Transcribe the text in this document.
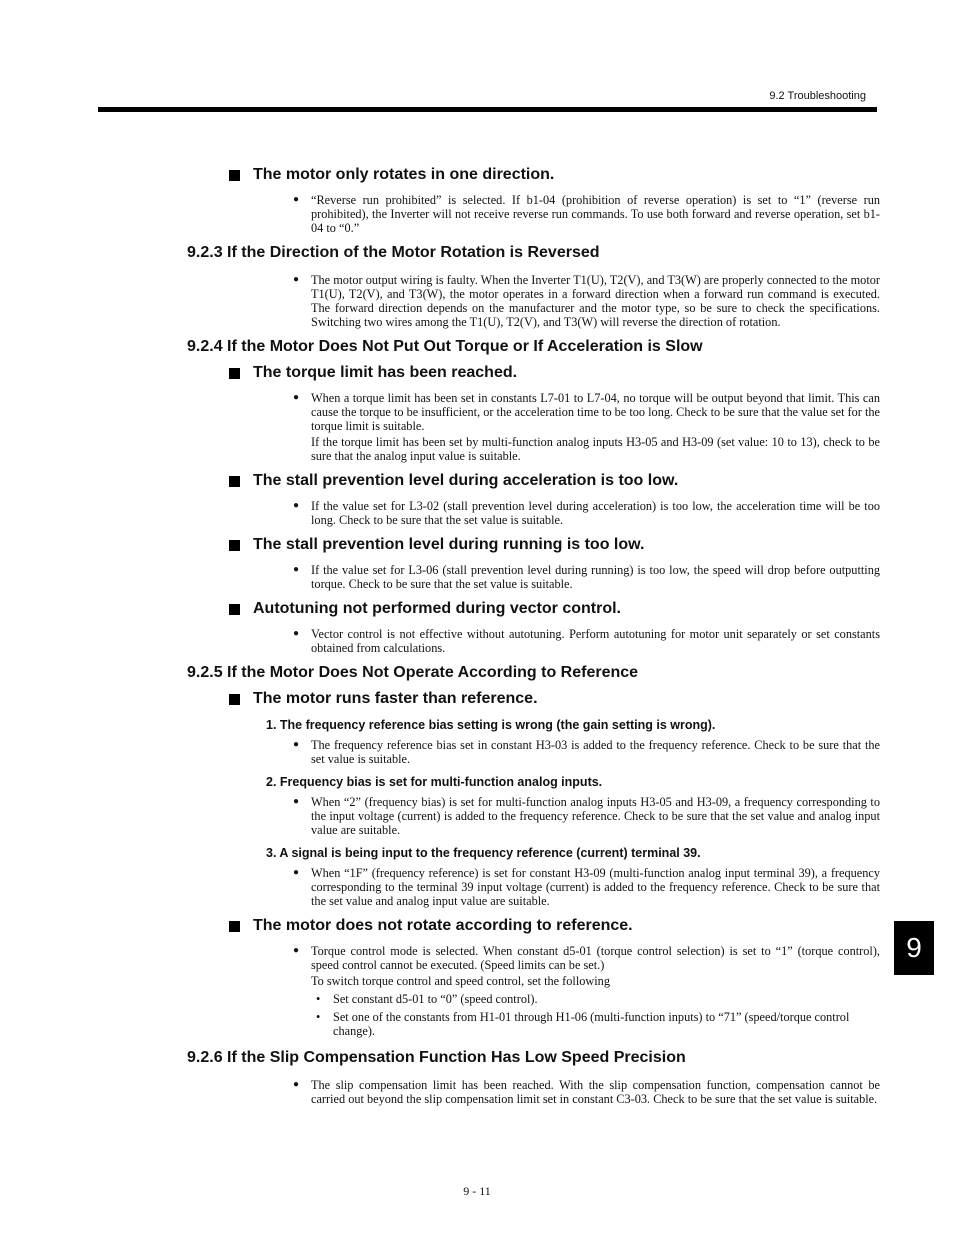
9.2 Troubleshooting
9
The motor only rotates in one direction.
● “Reverse run prohibited” is selected. If b1-04 (prohibition of reverse operation) is set to “1” (reverse run prohibited), the Inverter will not receive reverse run commands. To use both forward and reverse operation, set b1-04 to “0.”

9.2.3 If the Direction of the Motor Rotation is Reversed
● The motor output wiring is faulty. When the Inverter T1(U), T2(V), and T3(W) are properly connected to the motor T1(U), T2(V), and T3(W), the motor operates in a forward direction when a forward run command is executed. The forward direction depends on the manufacturer and the motor type, so be sure to check the specifications. Switching two wires among the T1(U), T2(V), and T3(W) will reverse the direction of rotation.

9.2.4 If the Motor Does Not Put Out Torque or If Acceleration is Slow
The torque limit has been reached.
● When a torque limit has been set in constants L7-01 to L7-04, no torque will be output beyond that limit. This can cause the torque to be insufficient, or the acceleration time to be too long. Check to be sure that the value set for the torque limit is suitable.

If the torque limit has been set by multi-function analog inputs H3-05 and H3-09 (set value: 10 to 13), check to be sure that the analog input value is suitable.

The stall prevention level during acceleration is too low.
● If the value set for L3-02 (stall prevention level during acceleration) is too low, the acceleration time will be too long. Check to be sure that the set value is suitable.

The stall prevention level during running is too low.
● If the value set for L3-06 (stall prevention level during running) is too low, the speed will drop before outputting torque. Check to be sure that the set value is suitable.

Autotuning not performed during vector control.
● Vector control is not effective without autotuning. Perform autotuning for motor unit separately or set constants obtained from calculations.

9.2.5 If the Motor Does Not Operate According to Reference
The motor runs faster than reference.
1. The frequency reference bias setting is wrong (the gain setting is wrong).
● The frequency reference bias set in constant H3-03 is added to the frequency reference. Check to be sure that the set value is suitable.

2. Frequency bias is set for multi-function analog inputs.
● When “2” (frequency bias) is set for multi-function analog inputs H3-05 and H3-09, a frequency corresponding to the input voltage (current) is added to the frequency reference. Check to be sure that the set value and analog input value are suitable.

3. A signal is being input to the frequency reference (current) terminal 39.
● When “1F” (frequency reference) is set for constant H3-09 (multi-function analog input terminal 39), a frequency corresponding to the terminal 39 input voltage (current) is added to the frequency reference. Check to be sure that the set value and analog input value are suitable.

The motor does not rotate according to reference.
● Torque control mode is selected. When constant d5-01 (torque control selection) is set to “1” (torque control), speed control cannot be executed. (Speed limits can be set.)

To switch torque control and speed control, set the following

• Set constant d5-01 to “0” (speed control).
• Set one of the constants from H1-01 through H1-06 (multi-function inputs) to “71” (speed/torque control change).
9.2.6 If the Slip Compensation Function Has Low Speed Precision
● The slip compensation limit has been reached. With the slip compensation function, compensation cannot be carried out beyond the slip compensation limit set in constant C3-03. Check to be sure that the set value is suitable.

9 - 11
